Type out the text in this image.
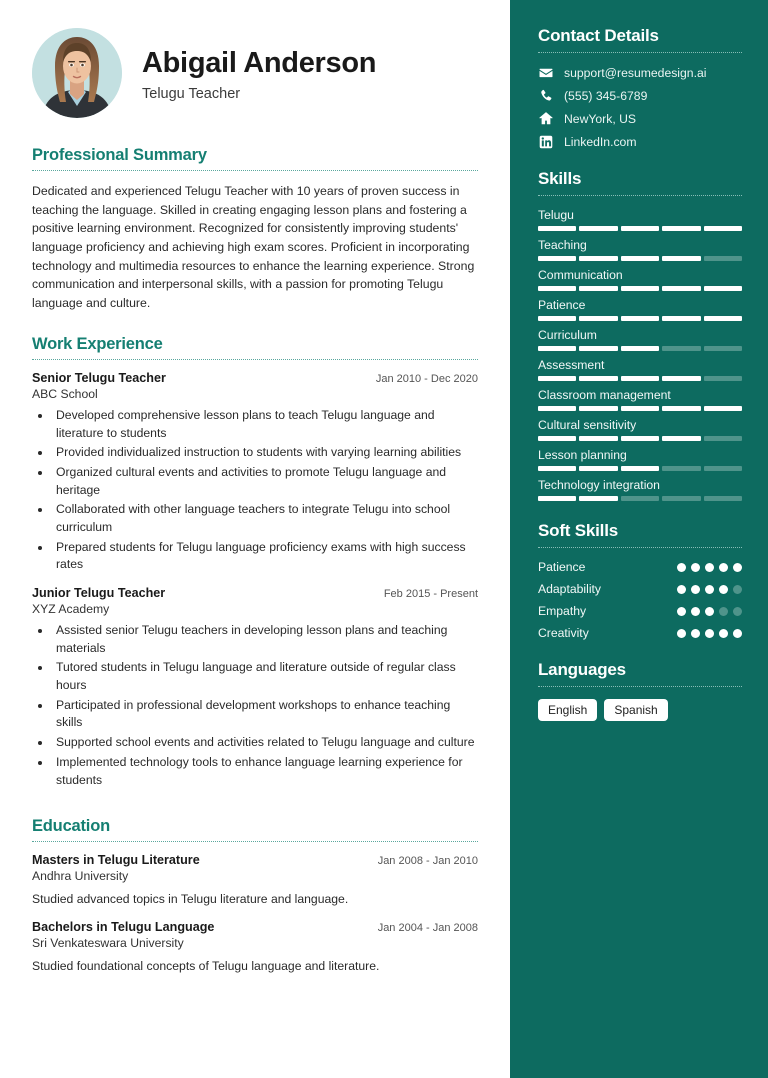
Abigail Anderson
Telugu Teacher
Professional Summary

Dedicated and experienced Telugu Teacher with 10 years of proven success in teaching the language. Skilled in creating engaging lesson plans and fostering a positive learning environment. Recognized for consistently improving students' language proficiency and achieving high exam scores. Proficient in incorporating technology and multimedia resources to enhance the learning experience. Strong communication and interpersonal skills, with a passion for promoting Telugu language and culture.

Work Experience
Senior Telugu Teacher	Jan 2010 - Dec 2020
ABC School
• Developed comprehensive lesson plans to teach Telugu language and literature to students
• Provided individualized instruction to students with varying learning abilities
• Organized cultural events and activities to promote Telugu language and heritage
• Collaborated with other language teachers to integrate Telugu into school curriculum
• Prepared students for Telugu language proficiency exams with high success rates
Junior Telugu Teacher	Feb 2015 - Present
XYZ Academy
• Assisted senior Telugu teachers in developing lesson plans and teaching materials
• Tutored students in Telugu language and literature outside of regular class hours
• Participated in professional development workshops to enhance teaching skills
• Supported school events and activities related to Telugu language and culture
• Implemented technology tools to enhance language learning experience for students
Education
Masters in Telugu Literature	Jan 2008 - Jan 2010
Andhra University
Studied advanced topics in Telugu literature and language.
Bachelors in Telugu Language	Jan 2004 - Jan 2008
Sri Venkateswara University
Studied foundational concepts of Telugu language and literature.
Contact Details
support@resumedesign.ai
(555) 345-6789
NewYork, US
LinkedIn.com
Skills
Telugu
Teaching
Communication
Patience
Curriculum
Assessment
Classroom management
Cultural sensitivity
Lesson planning
Technology integration
Soft Skills
Patience
Adaptability
Empathy
Creativity
Languages
English	Spanish
